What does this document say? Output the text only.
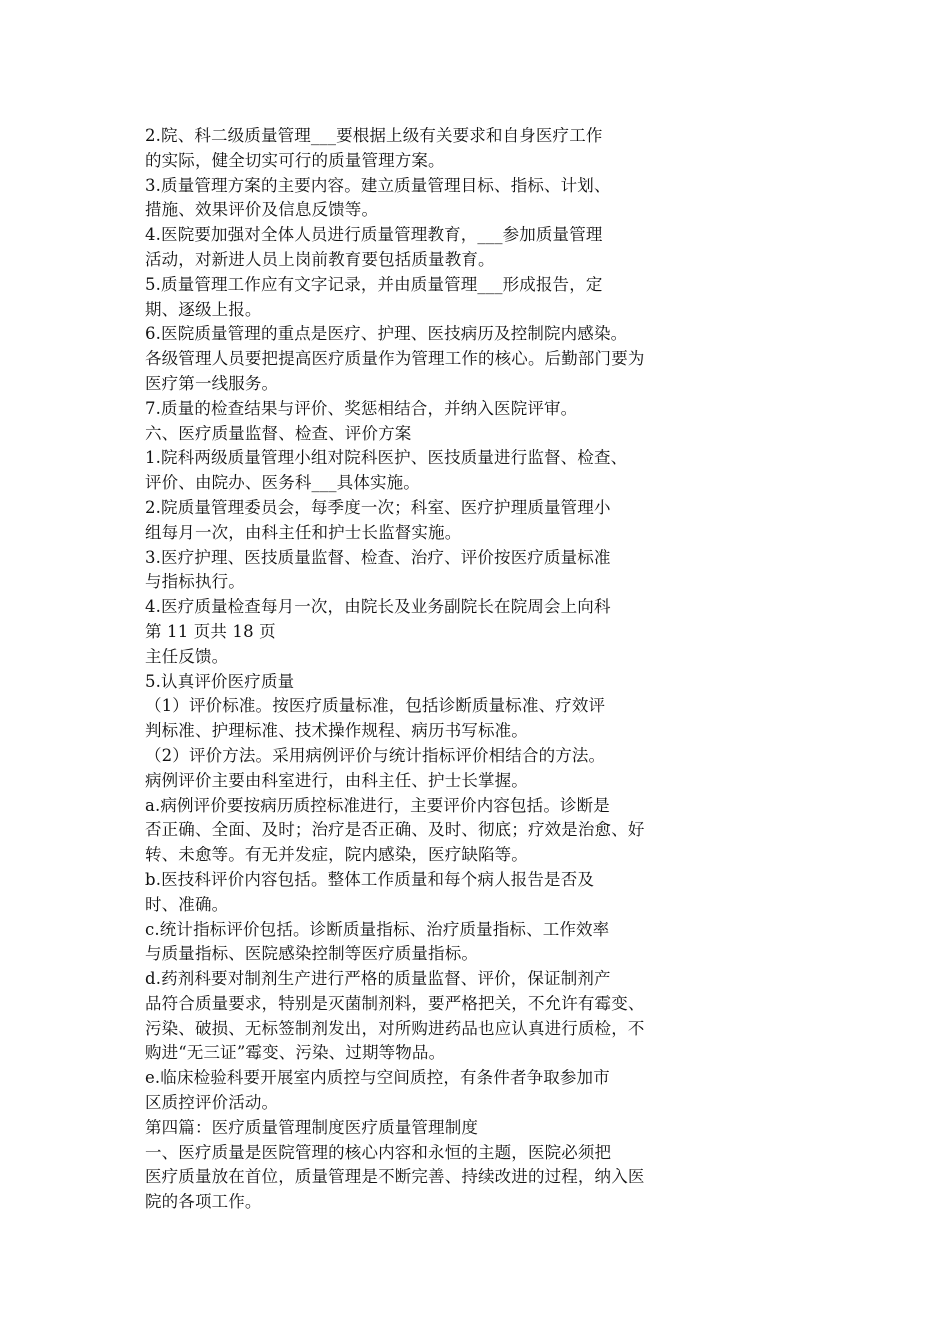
2.院、科二级质量管理___要根据上级有关要求和自身医疗工作
的实际，健全切实可行的质量管理方案。
3.质量管理方案的主要内容。建立质量管理目标、指标、计划、
措施、效果评价及信息反馈等。
4.医院要加强对全体人员进行质量管理教育，___参加质量管理
活动，对新进人员上岗前教育要包括质量教育。
5.质量管理工作应有文字记录，并由质量管理___形成报告，定
期、逐级上报。
6.医院质量管理的重点是医疗、护理、医技病历及控制院内感染。
各级管理人员要把提高医疗质量作为管理工作的核心。后勤部门要为
医疗第一线服务。
7.质量的检查结果与评价、奖惩相结合，并纳入医院评审。
六、医疗质量监督、检查、评价方案
1.院科两级质量管理小组对院科医护、医技质量进行监督、检查、
评价、由院办、医务科___具体实施。
2.院质量管理委员会，每季度一次；科室、医疗护理质量管理小
组每月一次，由科主任和护士长监督实施。
3.医疗护理、医技质量监督、检查、治疗、评价按医疗质量标准
与指标执行。
4.医疗质量检查每月一次，由院长及业务副院长在院周会上向科
第 11 页共 18 页
主任反馈。
5.认真评价医疗质量
（1）评价标准。按医疗质量标准，包括诊断质量标准、疗效评
判标准、护理标准、技术操作规程、病历书写标准。
（2）评价方法。采用病例评价与统计指标评价相结合的方法。
病例评价主要由科室进行，由科主任、护士长掌握。
a.病例评价要按病历质控标准进行，主要评价内容包括。诊断是
否正确、全面、及时；治疗是否正确、及时、彻底；疗效是治愈、好
转、未愈等。有无并发症，院内感染，医疗缺陷等。
b.医技科评价内容包括。整体工作质量和每个病人报告是否及
时、准确。
c.统计指标评价包括。诊断质量指标、治疗质量指标、工作效率
与质量指标、医院感染控制等医疗质量指标。
d.药剂科要对制剂生产进行严格的质量监督、评价，保证制剂产
品符合质量要求，特别是灭菌制剂料，要严格把关，不允许有霉变、
污染、破损、无标签制剂发出，对所购进药品也应认真进行质检，不
购进“无三证”霉变、污染、过期等物品。
e.临床检验科要开展室内质控与空间质控，有条件者争取参加市
区质控评价活动。
第四篇：医疗质量管理制度医疗质量管理制度
一、医疗质量是医院管理的核心内容和永恒的主题，医院必须把
医疗质量放在首位，质量管理是不断完善、持续改进的过程，纳入医
院的各项工作。
